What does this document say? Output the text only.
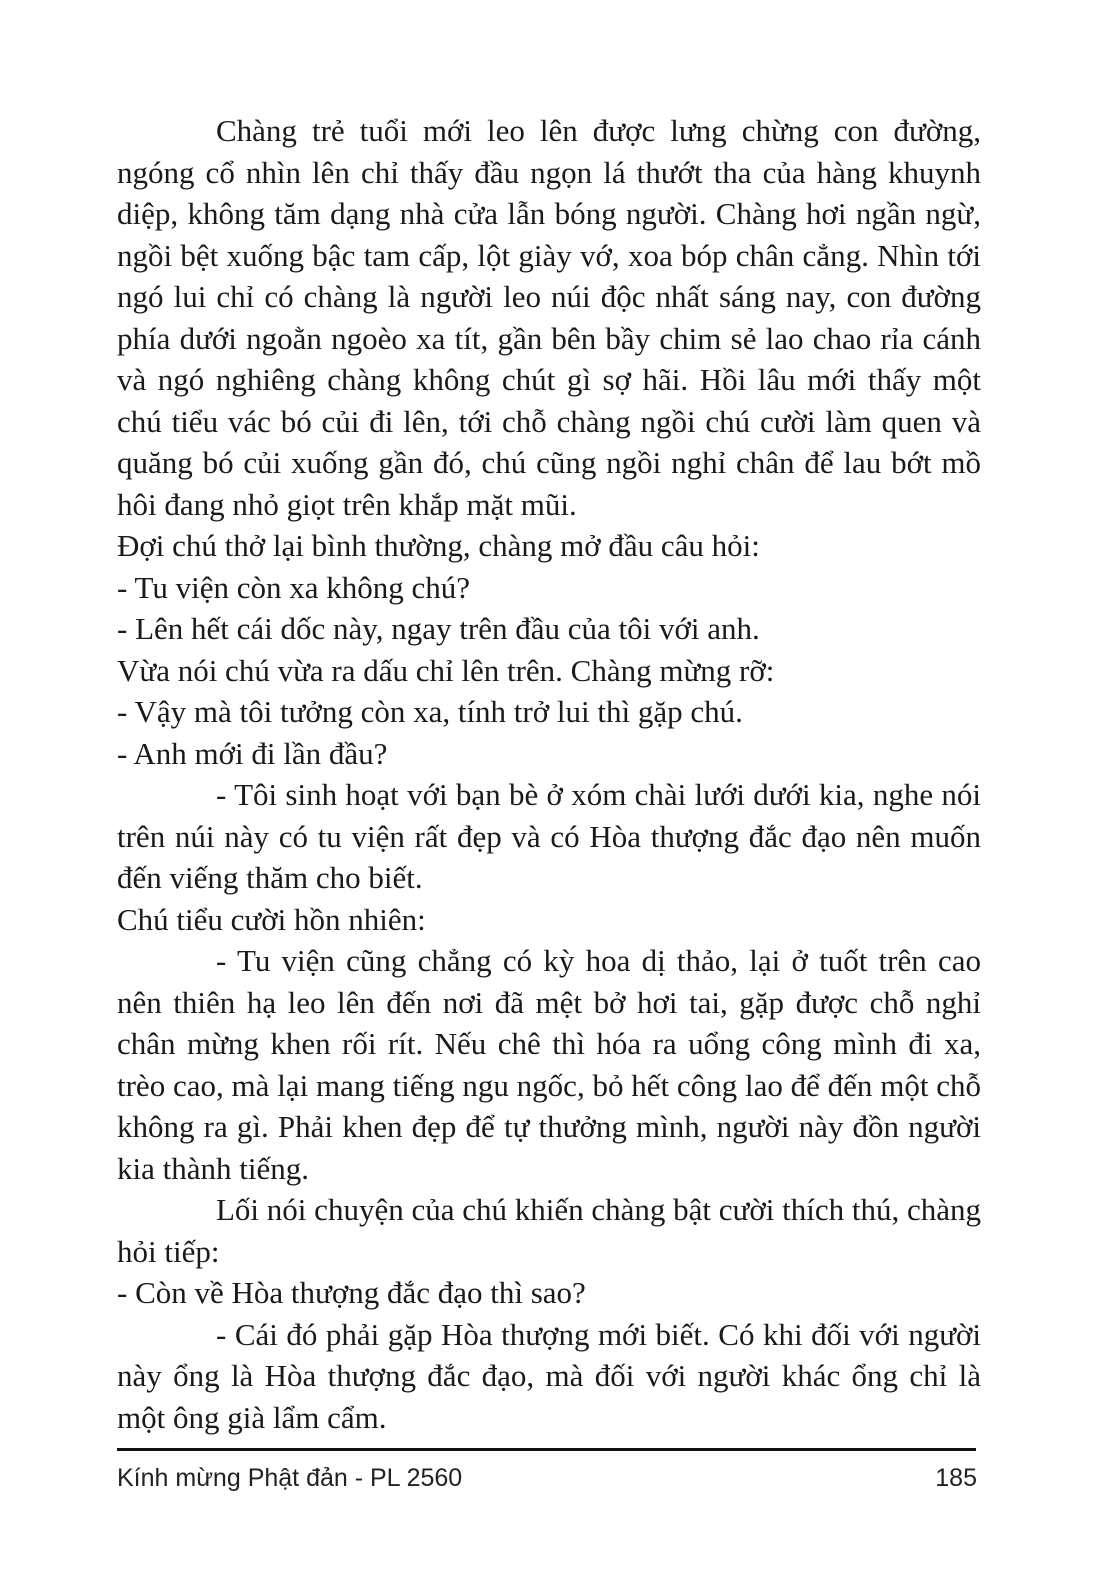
Chàng trẻ tuổi mới leo lên được lưng chừng con đường, ngóng cổ nhìn lên chỉ thấy đầu ngọn lá thướt tha của hàng khuynh diệp, không tăm dạng nhà cửa lẫn bóng người. Chàng hơi ngần ngừ, ngồi bệt xuống bậc tam cấp, lột giày vớ, xoa bóp chân cẳng. Nhìn tới ngó lui chỉ có chàng là người leo núi độc nhất sáng nay, con đường phía dưới ngoằn ngoèo xa tít, gần bên bầy chim sẻ lao chao rỉa cánh và ngó nghiêng chàng không chút gì sợ hãi. Hồi lâu mới thấy một chú tiểu vác bó củi đi lên, tới chỗ chàng ngồi chú cười làm quen và quăng bó củi xuống gần đó, chú cũng ngồi nghỉ chân để lau bớt mồ hôi đang nhỏ giọt trên khắp mặt mũi.

Đợi chú thở lại bình thường, chàng mở đầu câu hỏi:

- Tu viện còn xa không chú?

- Lên hết cái dốc này, ngay trên đầu của tôi với anh.

Vừa nói chú vừa ra dấu chỉ lên trên. Chàng mừng rỡ:

- Vậy mà tôi tưởng còn xa, tính trở lui thì gặp chú.

- Anh mới đi lần đầu?

- Tôi sinh hoạt với bạn bè ở xóm chài lưới dưới kia, nghe nói trên núi này có tu viện rất đẹp và có Hòa thượng đắc đạo nên muốn đến viếng thăm cho biết.

Chú tiểu cười hồn nhiên:

- Tu viện cũng chẳng có kỳ hoa dị thảo, lại ở tuốt trên cao nên thiên hạ leo lên đến nơi đã mệt bở hơi tai, gặp được chỗ nghỉ chân mừng khen rối rít. Nếu chê thì hóa ra uổng công mình đi xa, trèo cao, mà lại mang tiếng ngu ngốc, bỏ hết công lao để đến một chỗ không ra gì. Phải khen đẹp để tự thưởng mình, người này đồn người kia thành tiếng.

Lối nói chuyện của chú khiến chàng bật cười thích thú, chàng hỏi tiếp:

- Còn về Hòa thượng đắc đạo thì sao?

- Cái đó phải gặp Hòa thượng mới biết. Có khi đối với người này ổng là Hòa thượng đắc đạo, mà đối với người khác ổng chỉ là một ông già lẩm cẩm.

Kính mừng Phật đản - PL 2560	185
